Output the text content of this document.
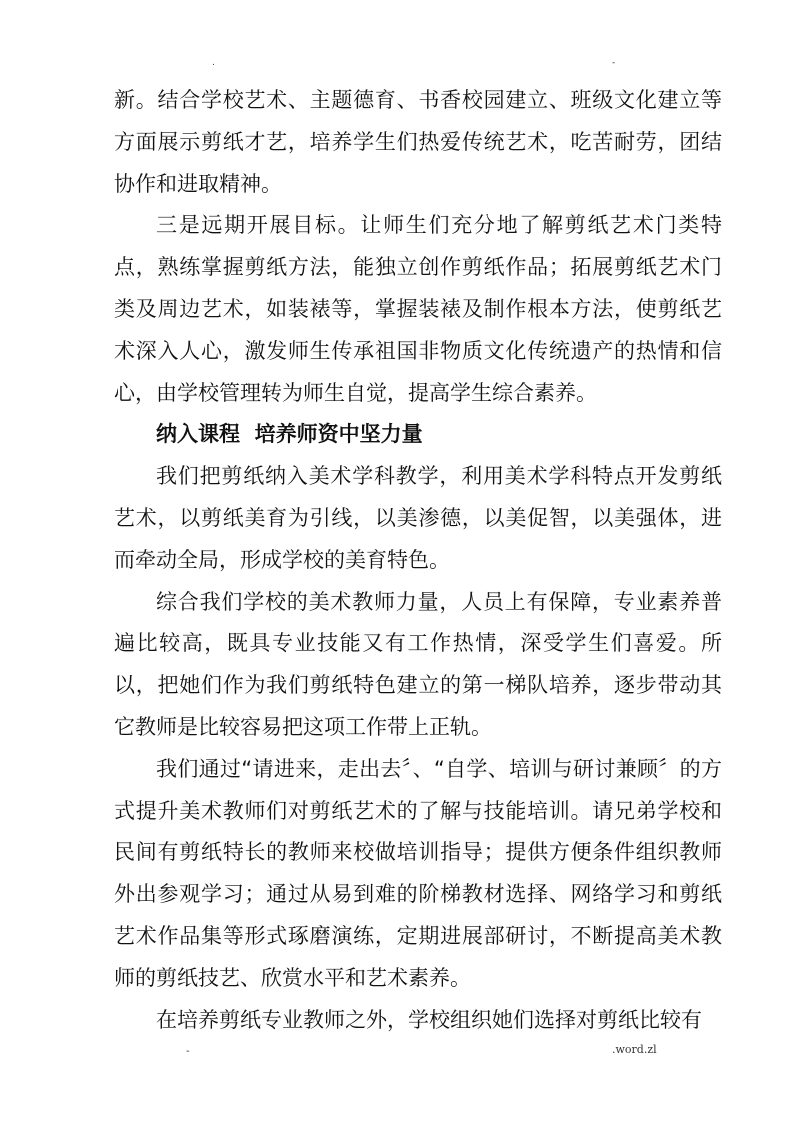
.	-

新。结合学校艺术、主题德育、书香校园建立、班级文化建立等方面展示剪纸才艺，培养学生们热爱传统艺术，吃苦耐劳，团结协作和进取精神。

三是远期开展目标。让师生们充分地了解剪纸艺术门类特点，熟练掌握剪纸方法，能独立创作剪纸作品；拓展剪纸艺术门类及周边艺术，如装裱等，掌握装裱及制作根本方法，使剪纸艺术深入人心，激发师生传承祖国非物质文化传统遗产的热情和信心，由学校管理转为师生自觉，提高学生综合素养。

纳入课程  培养师资中坚力量

我们把剪纸纳入美术学科教学，利用美术学科特点开发剪纸艺术，以剪纸美育为引线，以美渗德，以美促智，以美强体，进而牵动全局，形成学校的美育特色。

综合我们学校的美术教师力量，人员上有保障，专业素养普遍比较高，既具专业技能又有工作热情，深受学生们喜爱。所以，把她们作为我们剪纸特色建立的第一梯队培养，逐步带动其它教师是比较容易把这项工作带上正轨。

我们通过“请进来，走出去〞、“自学、培训与研讨兼顾〞的方式提升美术教师们对剪纸艺术的了解与技能培训。请兄弟学校和民间有剪纸特长的教师来校做培训指导；提供方便条件组织教师外出参观学习；通过从易到难的阶梯教材选择、网络学习和剪纸艺术作品集等形式琢磨演练，定期进展部研讨，不断提高美术教师的剪纸技艺、欣赏水平和艺术素养。

在培养剪纸专业教师之外，学校组织她们选择对剪纸比较有

-	.word.zl
